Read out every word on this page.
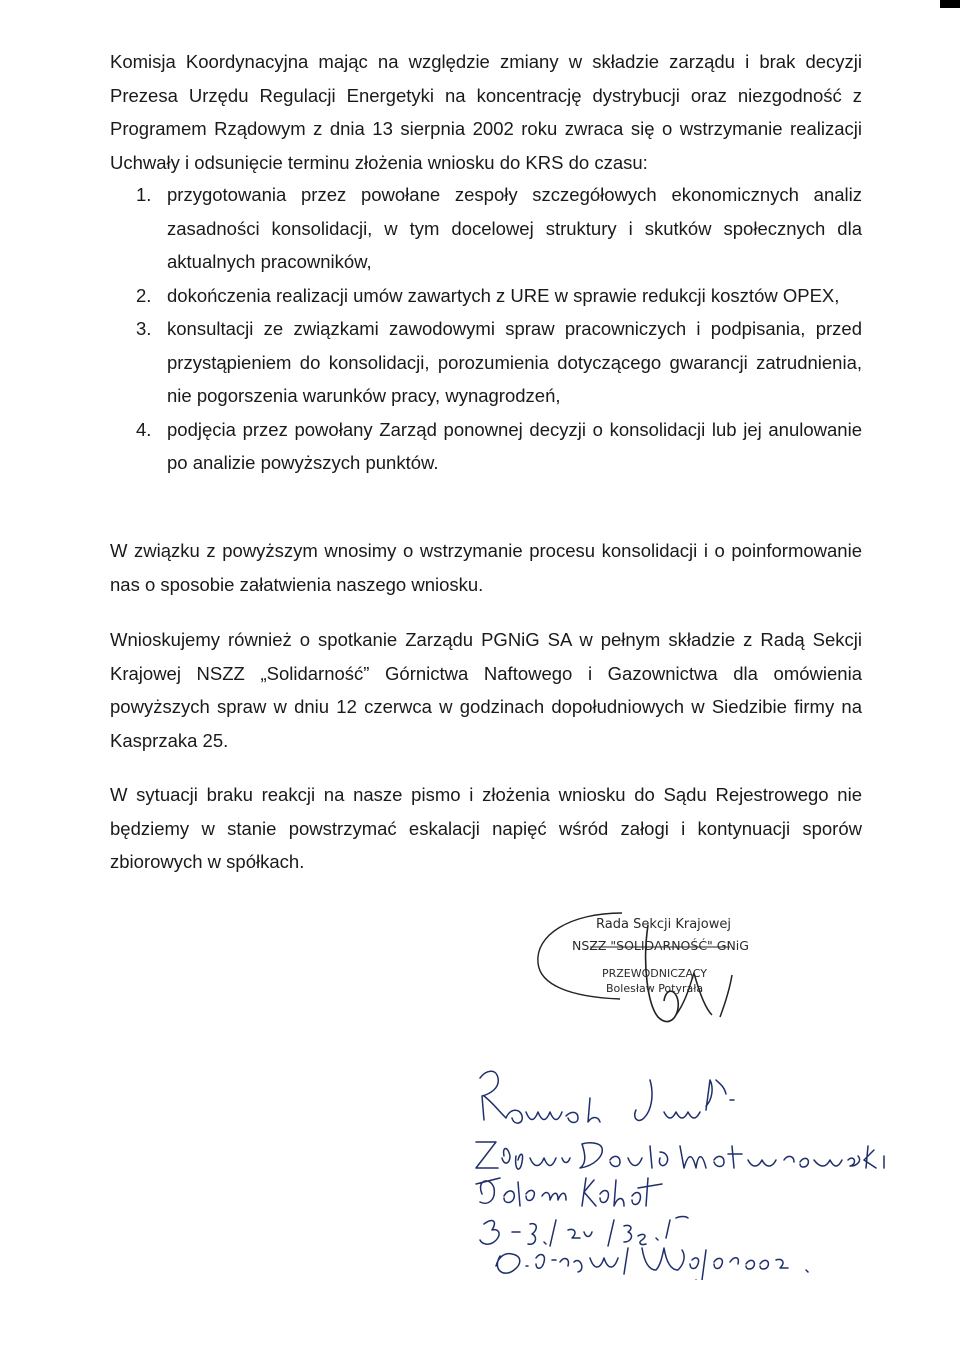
Komisja Koordynacyjna mając na względzie zmiany w składzie zarządu i brak decyzji Prezesa Urzędu Regulacji Energetyki na koncentrację dystrybucji oraz niezgodność z Programem Rządowym z dnia 13 sierpnia 2002 roku zwraca się o wstrzymanie realizacji Uchwały i odsunięcie terminu złożenia wniosku do KRS do czasu:

1. przygotowania przez powołane zespoły szczegółowych ekonomicznych analiz zasadności konsolidacji, w tym docelowej struktury i skutków społecznych dla aktualnych pracowników,
2. dokończenia realizacji umów zawartych z URE w sprawie redukcji kosztów OPEX,
3. konsultacji ze związkami zawodowymi spraw pracowniczych i podpisania, przed przystąpieniem do konsolidacji, porozumienia dotyczącego gwarancji zatrudnienia, nie pogorszenia warunków pracy, wynagrodzeń,
4. podjęcia przez powołany Zarząd ponownej decyzji o konsolidacji lub jej anulowanie po analizie powyższych punktów.

W związku z powyższym wnosimy o wstrzymanie procesu konsolidacji i o poinformowanie nas o sposobie załatwienia naszego wniosku.

Wnioskujemy również o spotkanie Zarządu PGNiG SA w pełnym składzie z Radą Sekcji Krajowej NSZZ „Solidarność” Górnictwa Naftowego i Gazownictwa dla omówienia powyższych spraw w dniu 12 czerwca w godzinach dopołudniowych w Siedzibie firmy na Kasprzaka 25.

W sytuacji braku reakcji na nasze pismo i złożenia wniosku do Sądu Rejestrowego nie będziemy w stanie powstrzymać eskalacji napięć wśród załogi i kontynuacji sporów zbiorowych w spółkach.

Rada Sekcji Krajowej
NSZZ "SOLIDARNOŚĆ" GNiG
PRZEWODNICZĄCY
Bolesław Potyrała
